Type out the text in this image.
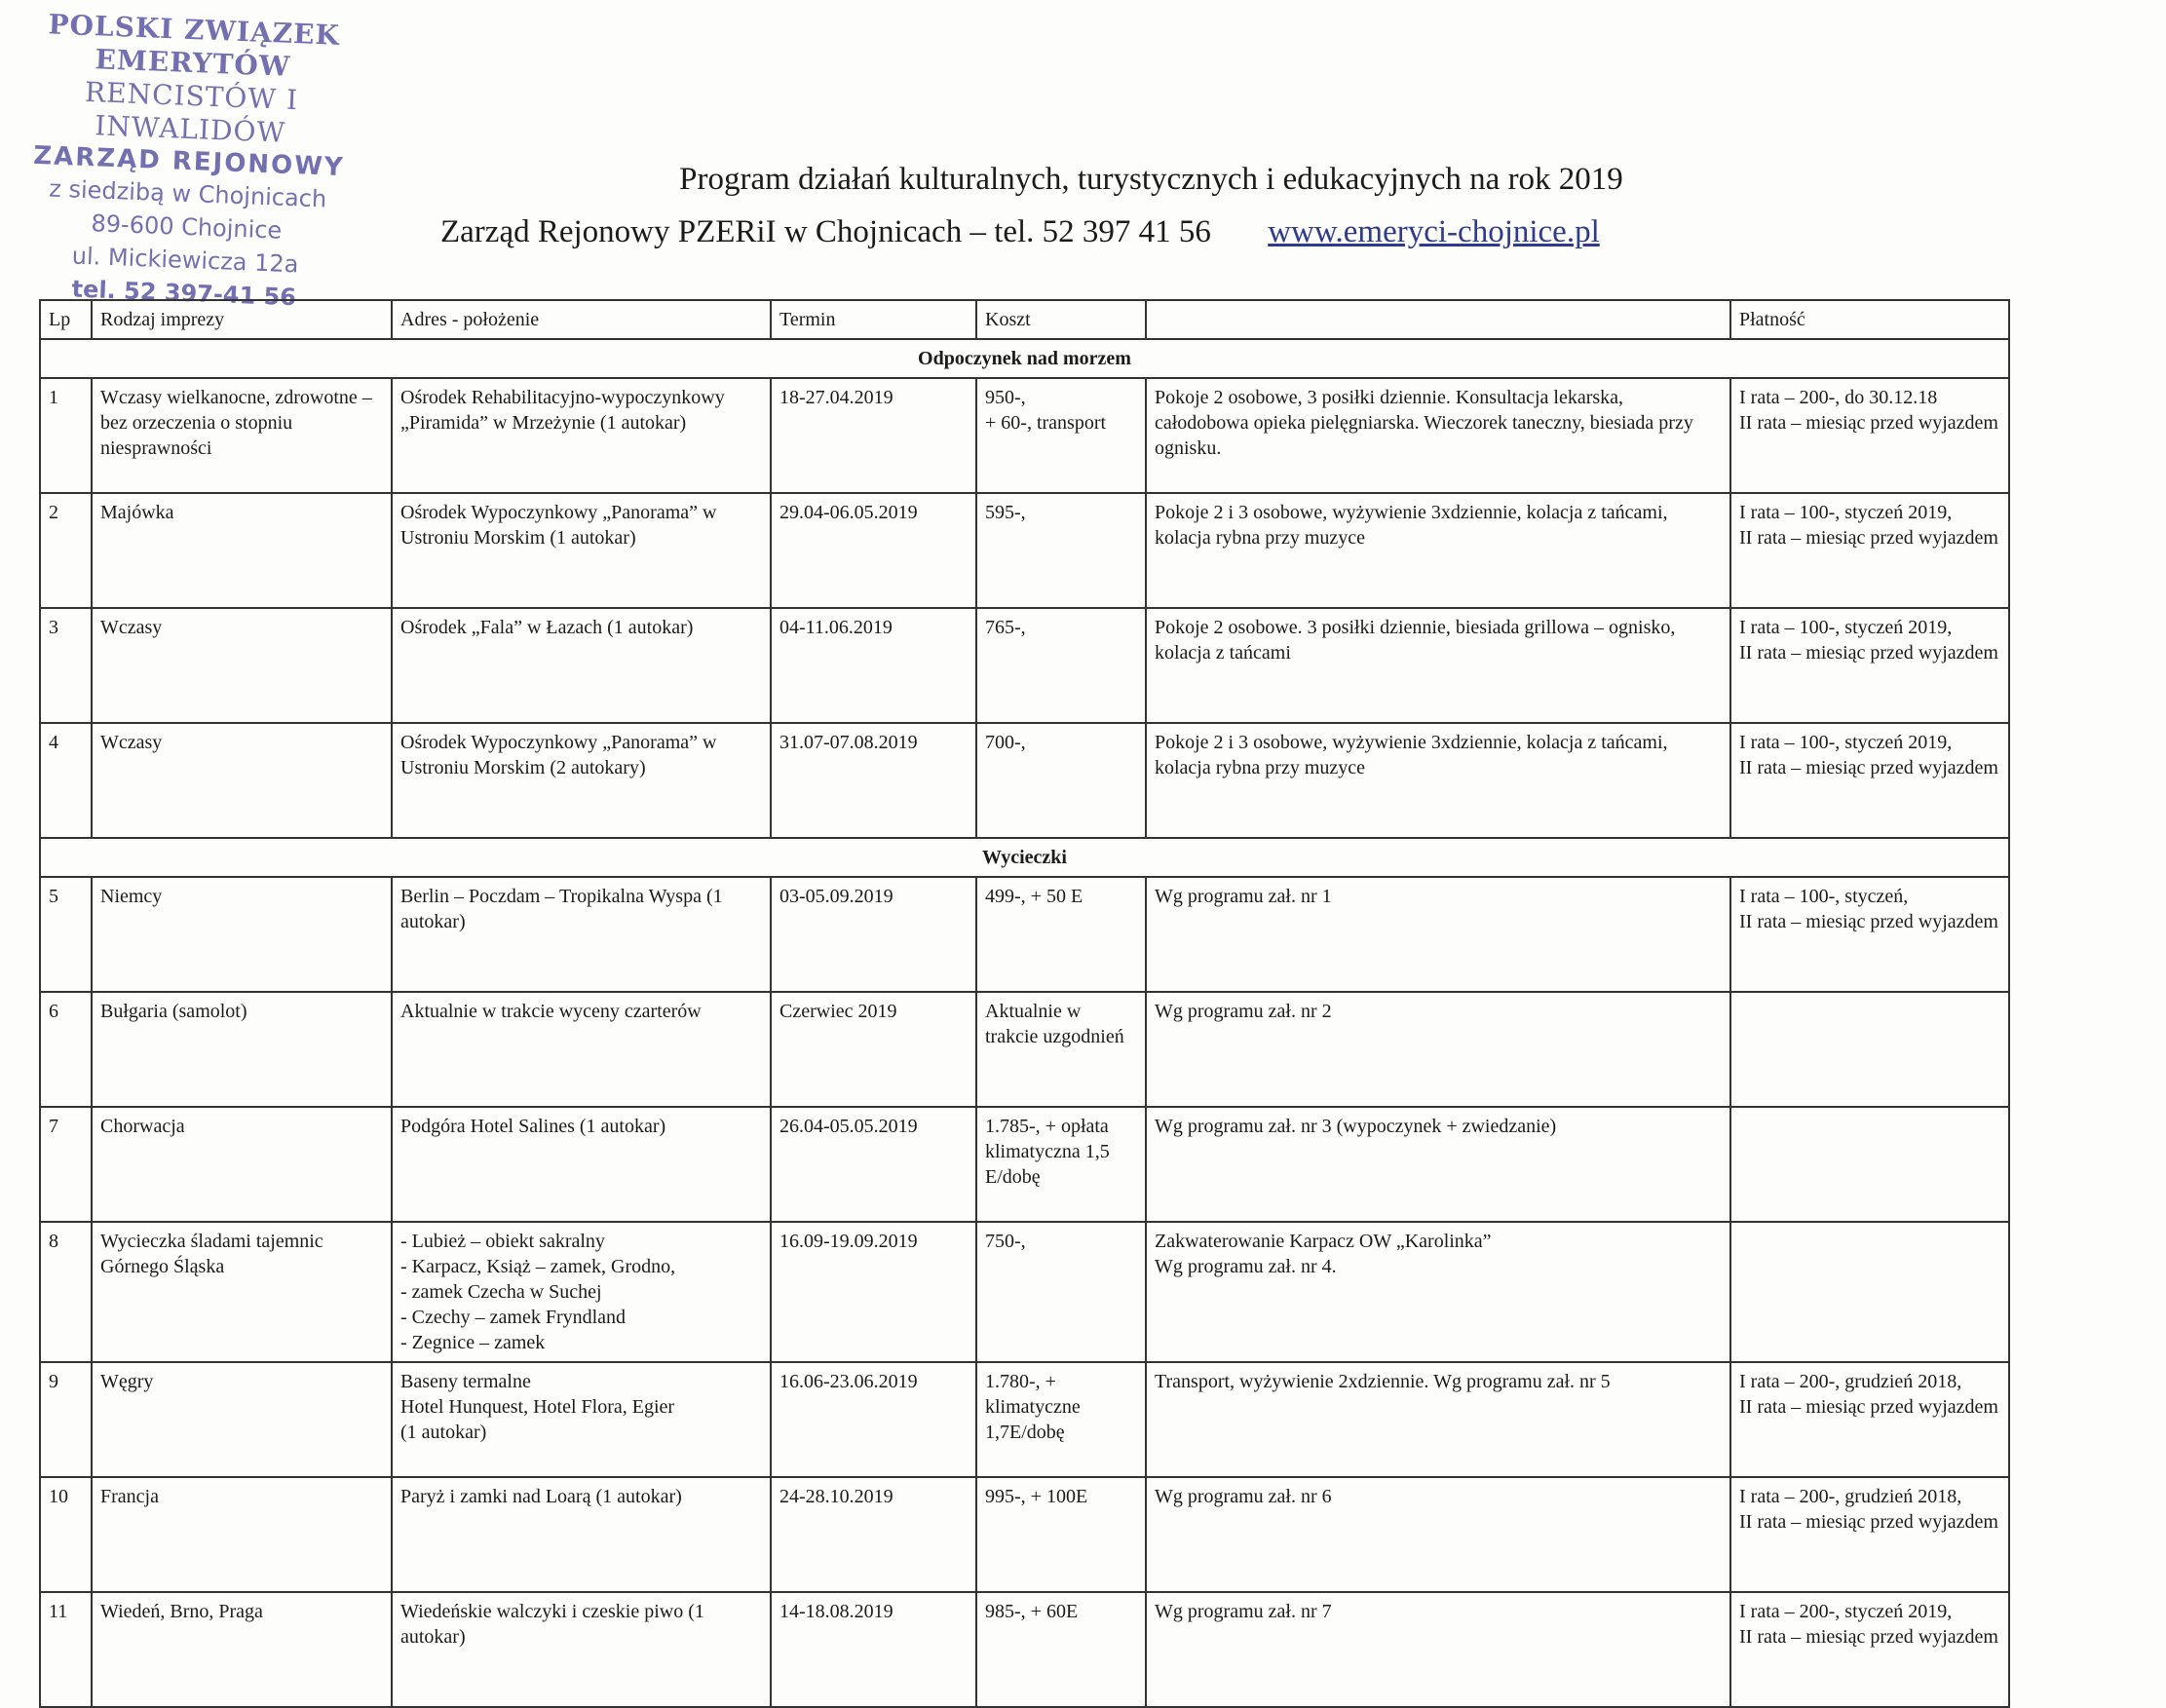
POLSKI ZWIĄZEK EMERYTÓW
RENCISTÓW I INWALIDÓW
ZARZĄD REJONOWY
z siedzibą w Chojnicach
89-600 Chojnice
ul. Mickiewicza 12a
tel. 52 397-41 56
Program działań kulturalnych, turystycznych i edukacyjnych na rok 2019
Zarząd Rejonowy PZERiI w Chojnicach – tel. 52 397 41 56 www.emeryci-chojnice.pl
Lp	Rodzaj imprezy	Adres - położenie	Termin	Koszt		Płatność
Odpoczynek nad morzem						
1	Wczasy wielkanocne, zdrowotne – bez orzeczenia o stopniu niesprawności	Ośrodek Rehabilitacyjno-wypoczynkowy „Piramida” w Mrzeżynie (1 autokar)	18-27.04.2019	950-,
+ 60-, transport	Pokoje 2 osobowe, 3 posiłki dziennie. Konsultacja lekarska, całodobowa opieka pielęgniarska. Wieczorek taneczny, biesiada przy ognisku.	I rata – 200-, do 30.12.18
II rata – miesiąc przed wyjazdem
2	Majówka	Ośrodek Wypoczynkowy „Panorama” w Ustroniu Morskim (1 autokar)	29.04-06.05.2019	595-,	Pokoje 2 i 3 osobowe, wyżywienie 3xdziennie, kolacja z tańcami, kolacja rybna przy muzyce	I rata – 100-, styczeń 2019,
II rata – miesiąc przed wyjazdem
3	Wczasy	Ośrodek „Fala” w Łazach (1 autokar)	04-11.06.2019	765-,	Pokoje 2 osobowe. 3 posiłki dziennie, biesiada grillowa – ognisko, kolacja z tańcami	I rata – 100-, styczeń 2019,
II rata – miesiąc przed wyjazdem
4	Wczasy	Ośrodek Wypoczynkowy „Panorama” w Ustroniu Morskim (2 autokary)	31.07-07.08.2019	700-,	Pokoje 2 i 3 osobowe, wyżywienie 3xdziennie, kolacja z tańcami, kolacja rybna przy muzyce	I rata – 100-, styczeń 2019,
II rata – miesiąc przed wyjazdem
Wycieczki						
5	Niemcy	Berlin – Poczdam – Tropikalna Wyspa (1 autokar)	03-05.09.2019	499-, + 50 E	Wg programu zał. nr 1	I rata – 100-, styczeń,
II rata – miesiąc przed wyjazdem
6	Bułgaria (samolot)	Aktualnie w trakcie wyceny czarterów	Czerwiec 2019	Aktualnie w trakcie uzgodnień	Wg programu zał. nr 2	
7	Chorwacja	Podgóra Hotel Salines (1 autokar)	26.04-05.05.2019	1.785-, + opłata klimatyczna 1,5 E/dobę	Wg programu zał. nr 3 (wypoczynek + zwiedzanie)	
8	Wycieczka śladami tajemnic Górnego Śląska	- Lubież – obiekt sakralny
- Karpacz, Książ – zamek, Grodno,
- zamek Czecha w Suchej
- Czechy – zamek Fryndland
- Zegnice – zamek	16.09-19.09.2019	750-,	Zakwaterowanie Karpacz OW „Karolinka”
Wg programu zał. nr 4.	
9	Węgry	Baseny termalne
Hotel Hunquest, Hotel Flora, Egier
(1 autokar)	16.06-23.06.2019	1.780-, + klimatyczne 1,7E/dobę	Transport, wyżywienie 2xdziennie. Wg programu zał. nr 5	I rata – 200-, grudzień 2018,
II rata – miesiąc przed wyjazdem
10	Francja	Paryż i zamki nad Loarą (1 autokar)	24-28.10.2019	995-, + 100E	Wg programu zał. nr 6	I rata – 200-, grudzień 2018,
II rata – miesiąc przed wyjazdem
11	Wiedeń, Brno, Praga	Wiedeńskie walczyki i czeskie piwo (1 autokar)	14-18.08.2019	985-, + 60E	Wg programu zał. nr 7	I rata – 200-, styczeń 2019,
II rata – miesiąc przed wyjazdem
